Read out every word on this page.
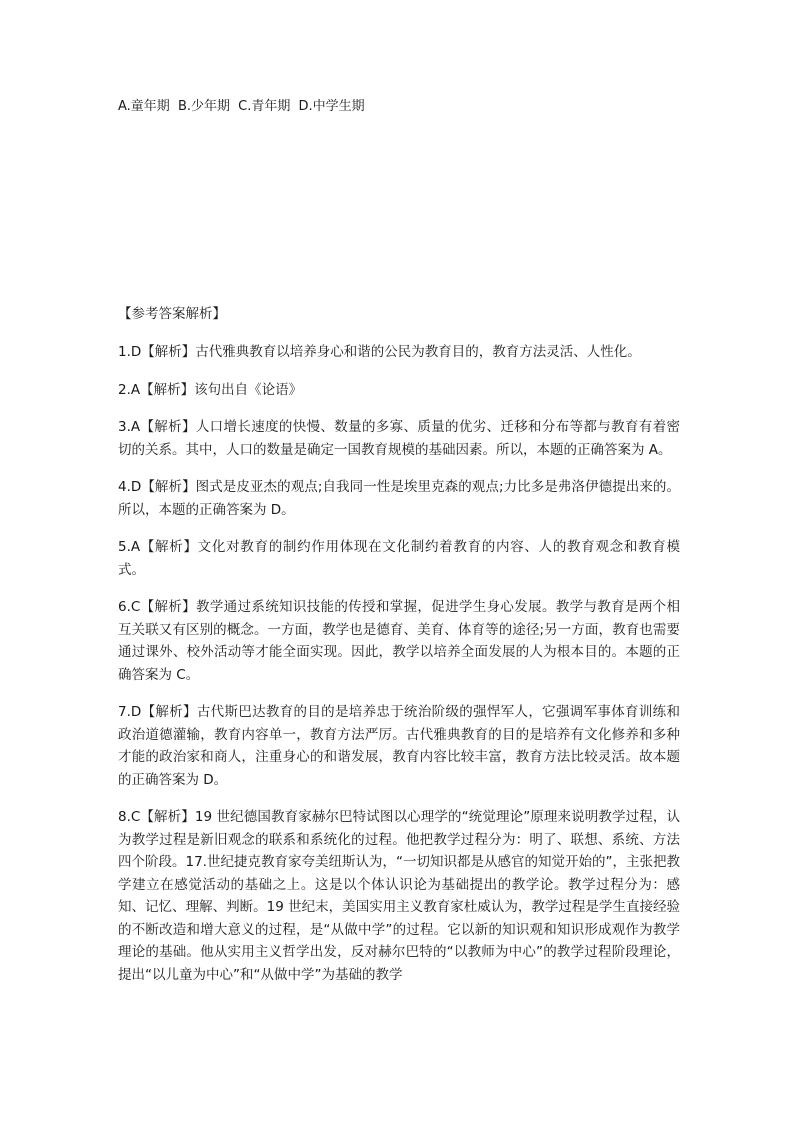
A.童年期 B.少年期 C.青年期 D.中学生期

【参考答案解析】

1.D【解析】古代雅典教育以培养身心和谐的公民为教育目的，教育方法灵活、人性化。

2.A【解析】该句出自《论语》

3.A【解析】人口增长速度的快慢、数量的多寡、质量的优劣、迁移和分布等都与教育有着密切的关系。其中，人口的数量是确定一国教育规模的基础因素。所以，本题的正确答案为 A。

4.D【解析】图式是皮亚杰的观点;自我同一性是埃里克森的观点;力比多是弗洛伊德提出来的。所以，本题的正确答案为 D。

5.A【解析】文化对教育的制约作用体现在文化制约着教育的内容、人的教育观念和教育模式。

6.C【解析】教学通过系统知识技能的传授和掌握，促进学生身心发展。教学与教育是两个相互关联又有区别的概念。一方面，教学也是德育、美育、体育等的途径;另一方面，教育也需要通过课外、校外活动等才能全面实现。因此，教学以培养全面发展的人为根本目的。本题的正确答案为 C。

7.D【解析】古代斯巴达教育的目的是培养忠于统治阶级的强悍军人，它强调军事体育训练和政治道德灌输，教育内容单一，教育方法严厉。古代雅典教育的目的是培养有文化修养和多种才能的政治家和商人，注重身心的和谐发展，教育内容比较丰富，教育方法比较灵活。故本题的正确答案为 D。

8.C【解析】19 世纪德国教育家赫尔巴特试图以心理学的“统觉理论”原理来说明教学过程，认为教学过程是新旧观念的联系和系统化的过程。他把教学过程分为：明了、联想、系统、方法四个阶段。17.世纪捷克教育家夸美纽斯认为，“一切知识都是从感官的知觉开始的”，主张把教学建立在感觉活动的基础之上。这是以个体认识论为基础提出的教学论。教学过程分为：感知、记忆、理解、判断。19 世纪末，美国实用主义教育家杜威认为，教学过程是学生直接经验的不断改造和增大意义的过程，是“从做中学”的过程。它以新的知识观和知识形成观作为教学理论的基础。他从实用主义哲学出发，反对赫尔巴特的“以教师为中心”的教学过程阶段理论，提出“以儿童为中心”和“从做中学”为基础的教学
